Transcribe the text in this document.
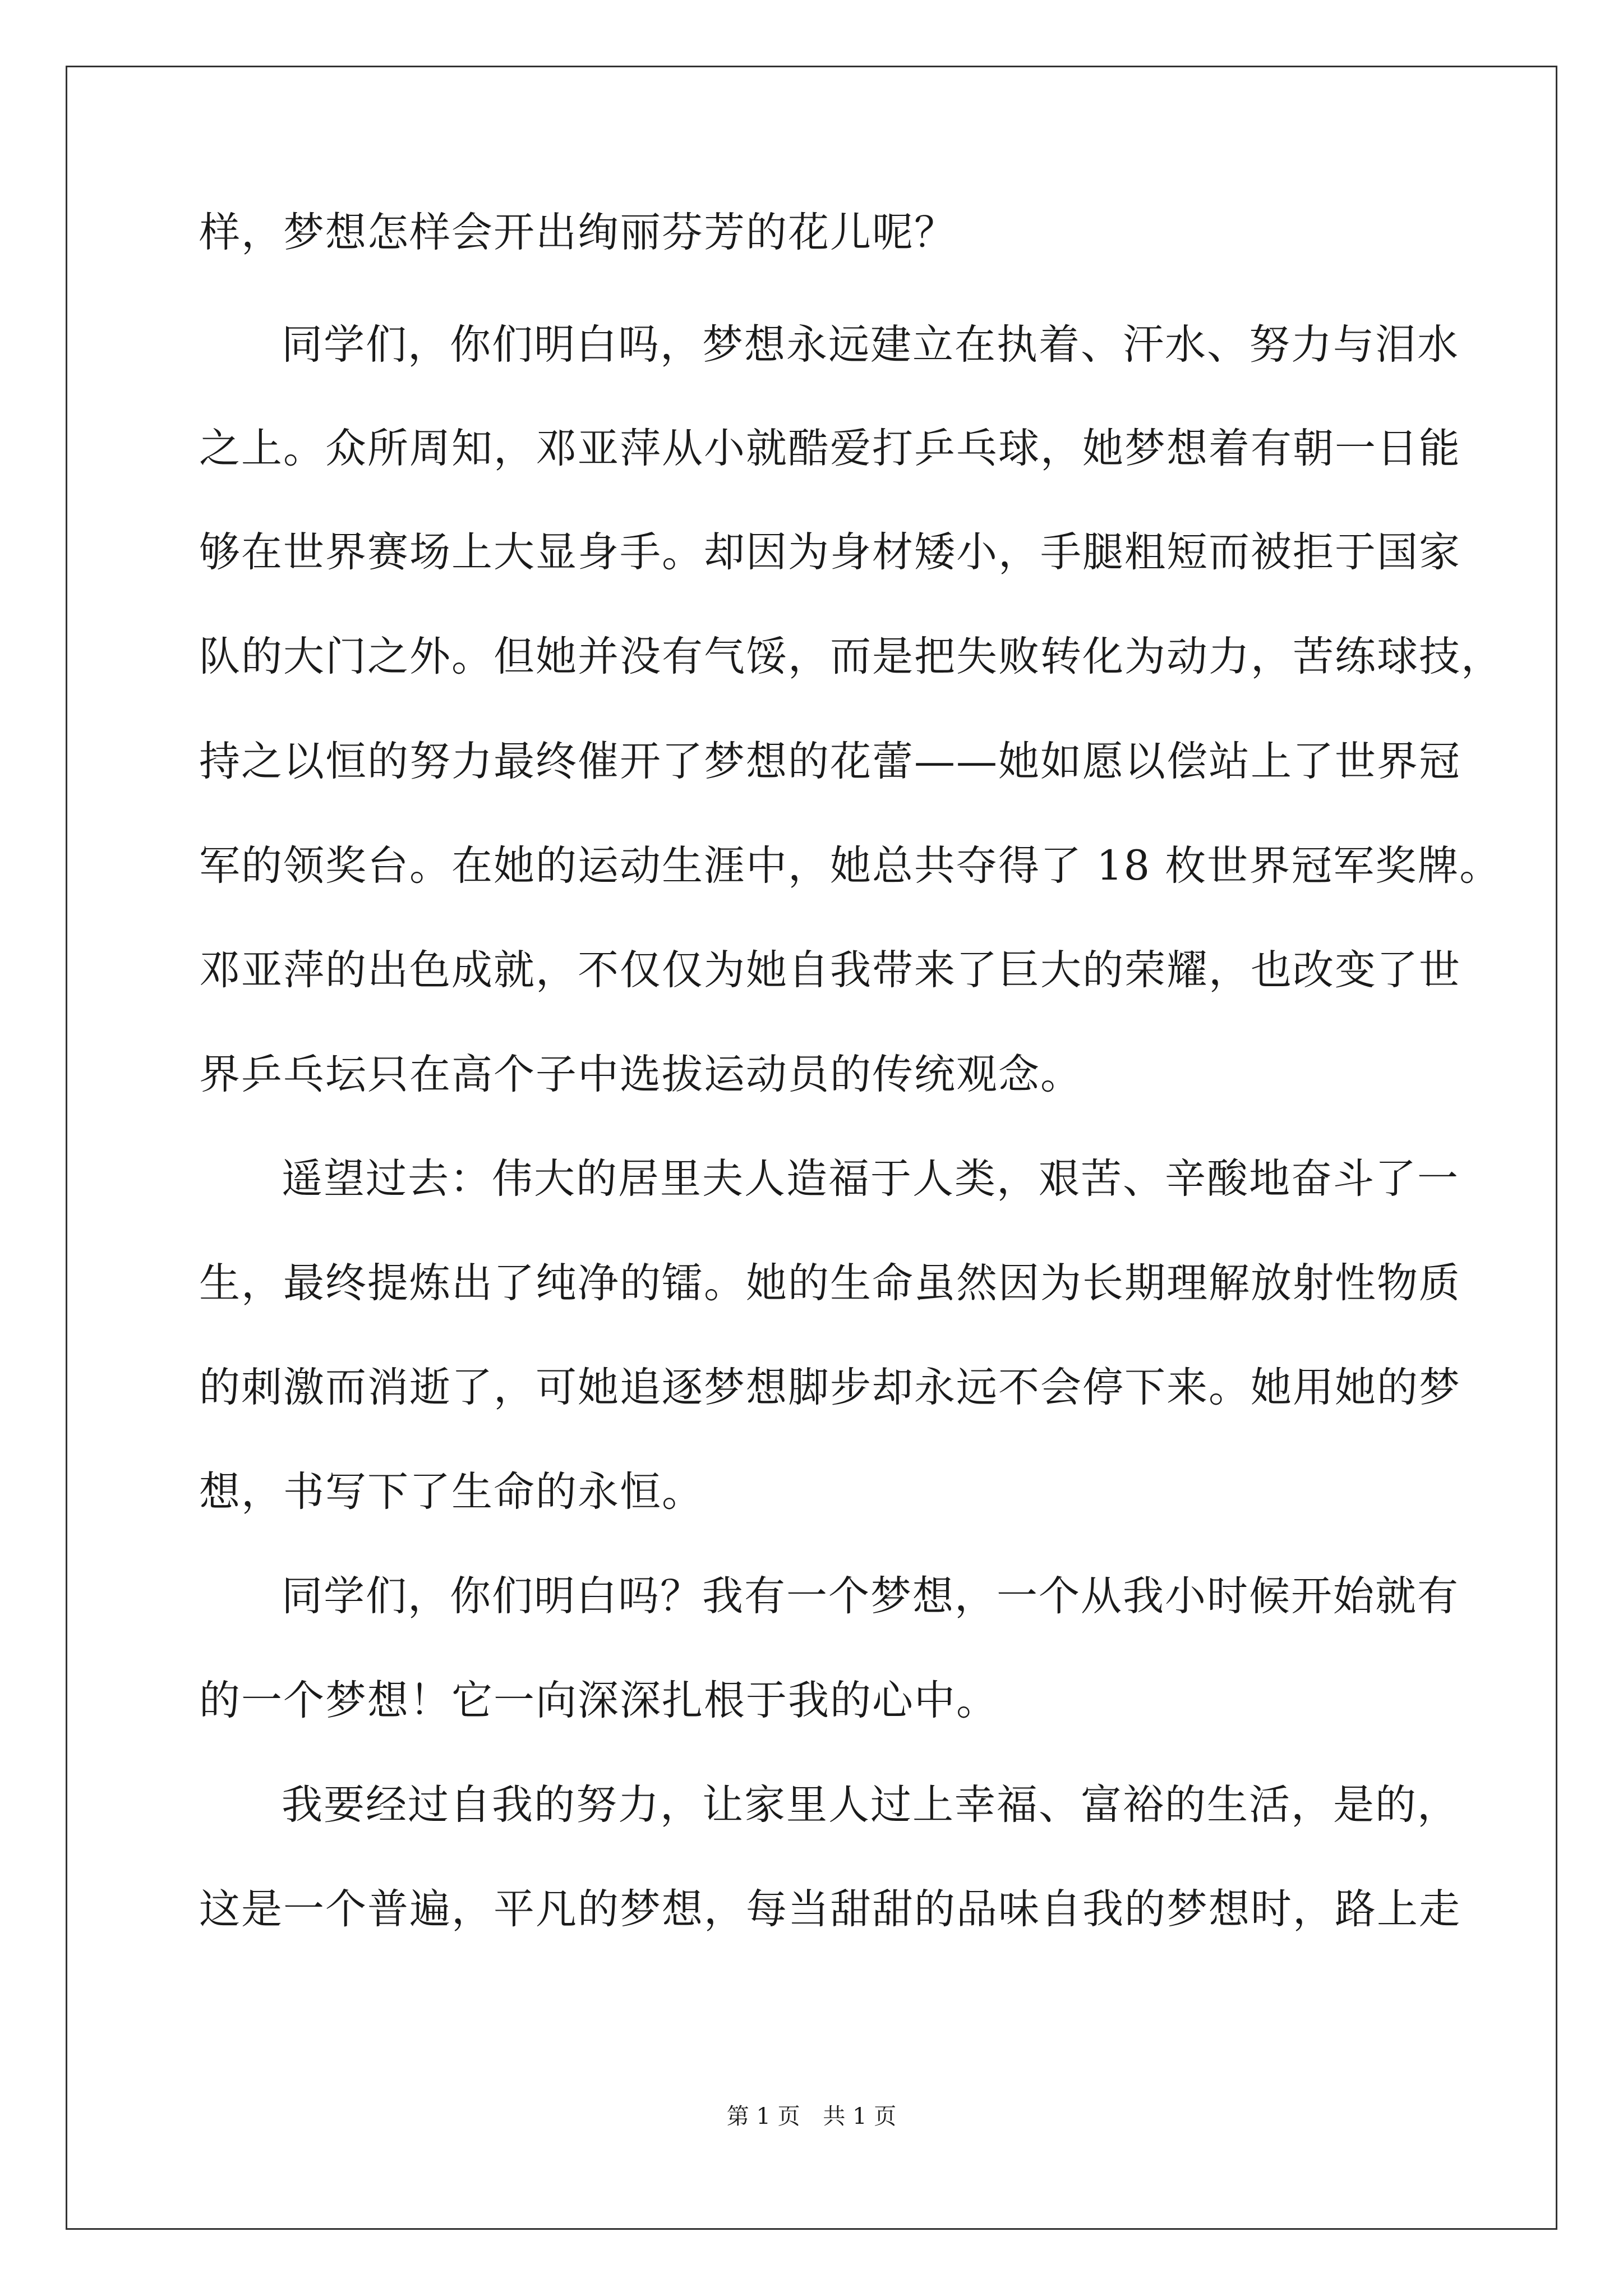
样，梦想怎样会开出绚丽芬芳的花儿呢？
同学们，你们明白吗，梦想永远建立在执着、汗水、努力与泪水
之上。众所周知，邓亚萍从小就酷爱打乒乓球，她梦想着有朝一日能
够在世界赛场上大显身手。却因为身材矮小，手腿粗短而被拒于国家
队的大门之外。但她并没有气馁，而是把失败转化为动力，苦练球技，
持之以恒的努力最终催开了梦想的花蕾——她如愿以偿站上了世界冠
军的领奖台。在她的运动生涯中，她总共夺得了 18 枚世界冠军奖牌。
邓亚萍的出色成就，不仅仅为她自我带来了巨大的荣耀，也改变了世
界乒乓坛只在高个子中选拔运动员的传统观念。
遥望过去：伟大的居里夫人造福于人类，艰苦、辛酸地奋斗了一
生，最终提炼出了纯净的镭。她的生命虽然因为长期理解放射性物质
的刺激而消逝了，可她追逐梦想脚步却永远不会停下来。她用她的梦
想，书写下了生命的永恒。
同学们，你们明白吗？我有一个梦想，一个从我小时候开始就有
的一个梦想！它一向深深扎根于我的心中。
我要经过自我的努力，让家里人过上幸福、富裕的生活，是的，
这是一个普遍，平凡的梦想，每当甜甜的品味自我的梦想时，路上走
第 1 页 共 1 页
